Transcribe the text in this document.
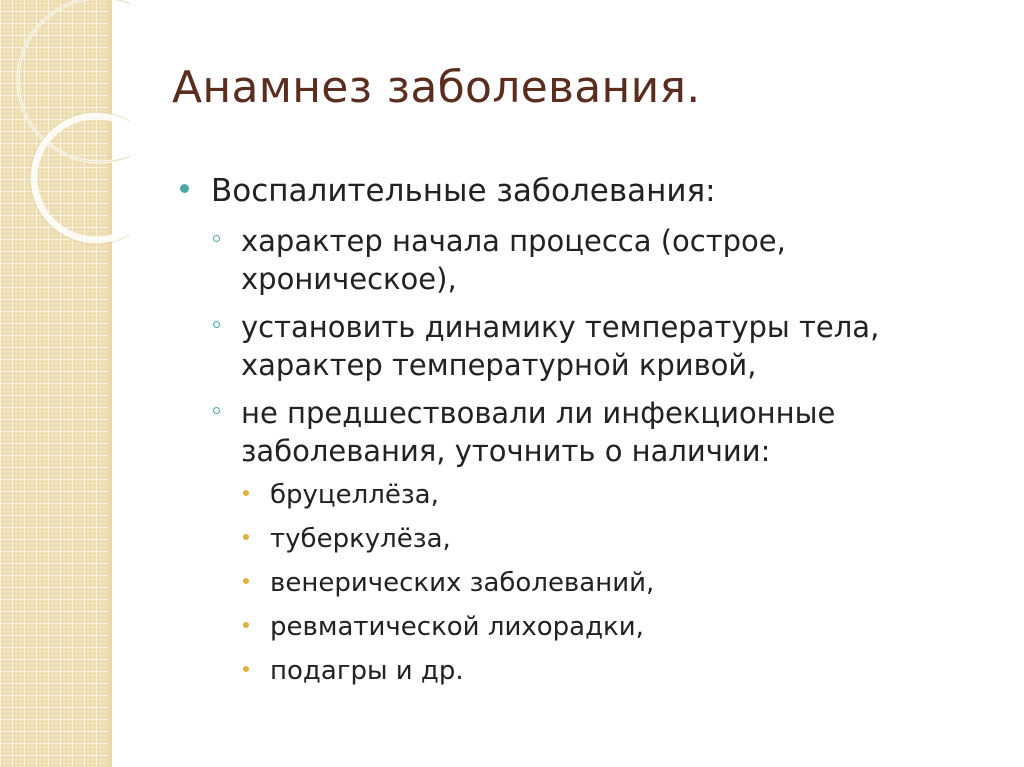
Анамнез заболевания.
Воспалительные заболевания:
характер начала процесса (острое, хроническое),
установить динамику температуры тела, характер температурной кривой,
не предшествовали ли инфекционные заболевания, уточнить о наличии:
бруцеллёза,
туберкулёза,
венерических заболеваний,
ревматической лихорадки,
подагры и др.
